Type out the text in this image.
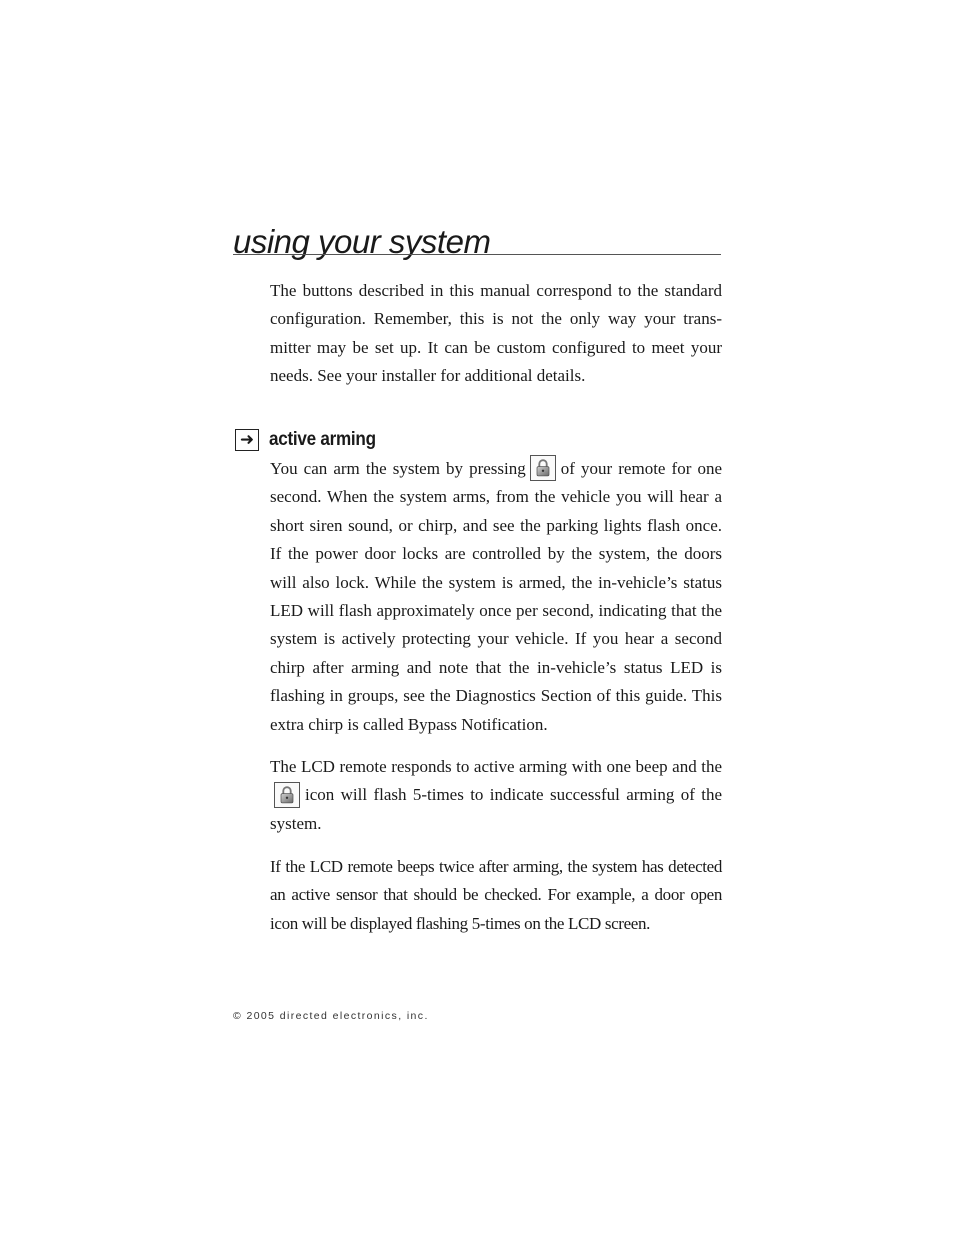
using your system

The buttons described in this manual correspond to the standard configuration. Remember, this is not the only way your trans-mitter may be set up. It can be custom configured to meet your needs. See your installer for additional details.

➜ active arming

You can arm the system by pressing of your remote for one second. When the system arms, from the vehicle you will hear a short siren sound, or chirp, and see the parking lights flash once. If the power door locks are controlled by the system, the doors will also lock. While the system is armed, the in-vehicle’s status LED will flash approximately once per second, indicating that the system is actively protecting your vehicle. If you hear a second chirp after arming and note that the in-vehicle’s status LED is flashing in groups, see the Diagnostics Section of this guide. This extra chirp is called Bypass Notification.

The LCD remote responds to active arming with one beep and the
icon will flash 5-times to indicate successful arming of the system.

If the LCD remote beeps twice after arming, the system has detected an active sensor that should be checked. For example, a door open icon will be displayed flashing 5-times on the LCD screen.

© 2005 directed electronics, inc.
